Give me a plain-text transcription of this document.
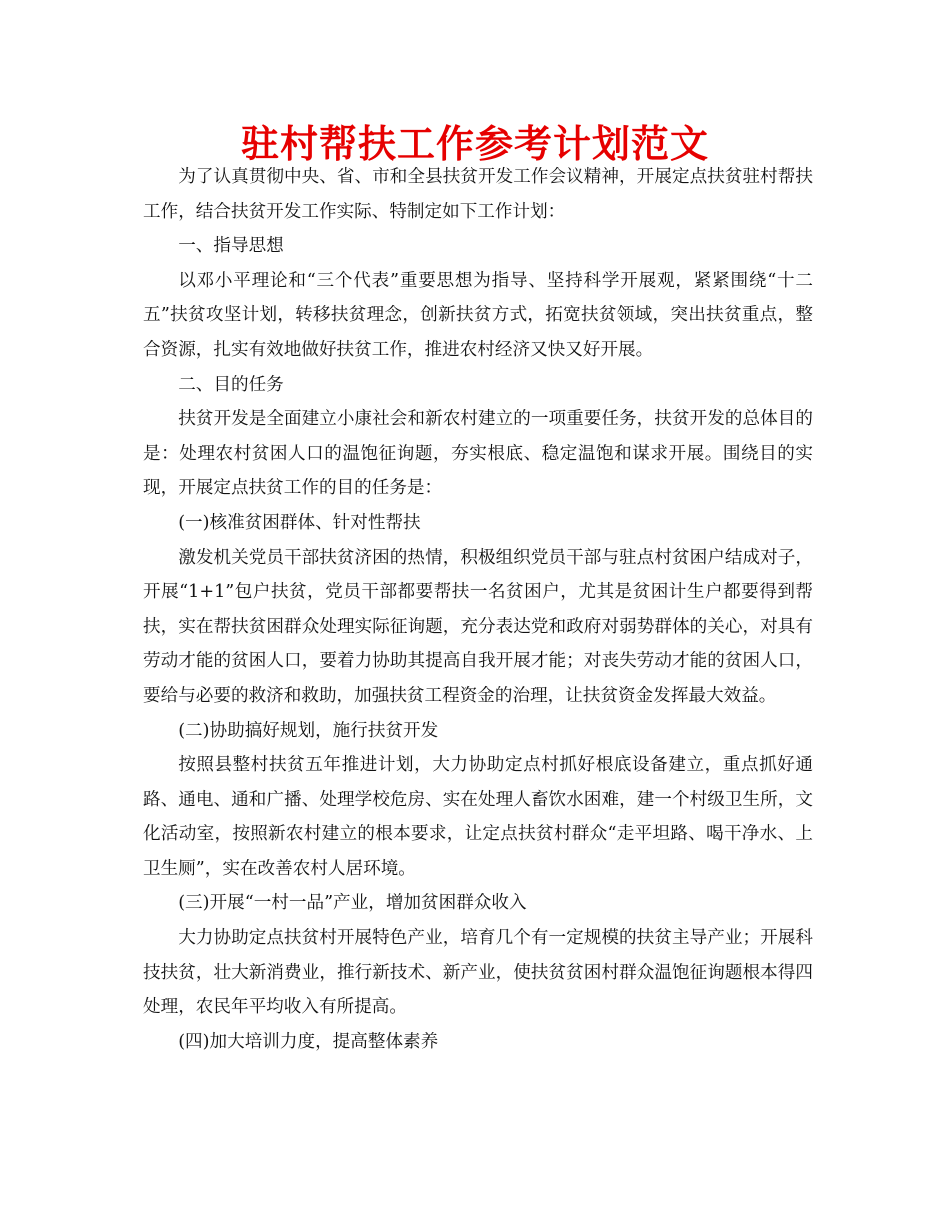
驻村帮扶工作参考计划范文

为了认真贯彻中央、省、市和全县扶贫开发工作会议精神，开展定点扶贫驻村帮扶工作，结合扶贫开发工作实际、特制定如下工作计划：

一、指导思想

以邓小平理论和“三个代表”重要思想为指导、坚持科学开展观，紧紧围绕“十二五”扶贫攻坚计划，转移扶贫理念，创新扶贫方式，拓宽扶贫领域，突出扶贫重点，整合资源，扎实有效地做好扶贫工作，推进农村经济又快又好开展。

二、目的任务

扶贫开发是全面建立小康社会和新农村建立的一项重要任务，扶贫开发的总体目的是：处理农村贫困人口的温饱征询题，夯实根底、稳定温饱和谋求开展。围绕目的实现，开展定点扶贫工作的目的任务是：

(一)核准贫困群体、针对性帮扶

激发机关党员干部扶贫济困的热情，积极组织党员干部与驻点村贫困户结成对子，开展“1+1”包户扶贫，党员干部都要帮扶一名贫困户，尤其是贫困计生户都要得到帮扶，实在帮扶贫困群众处理实际征询题，充分表达党和政府对弱势群体的关心，对具有劳动才能的贫困人口，要着力协助其提高自我开展才能；对丧失劳动才能的贫困人口，要给与必要的救济和救助，加强扶贫工程资金的治理，让扶贫资金发挥最大效益。

(二)协助搞好规划，施行扶贫开发

按照县整村扶贫五年推进计划，大力协助定点村抓好根底设备建立，重点抓好通路、通电、通和广播、处理学校危房、实在处理人畜饮水困难，建一个村级卫生所，文化活动室，按照新农村建立的根本要求，让定点扶贫村群众“走平坦路、喝干净水、上卫生厕”，实在改善农村人居环境。

(三)开展“一村一品”产业，增加贫困群众收入

大力协助定点扶贫村开展特色产业，培育几个有一定规模的扶贫主导产业；开展科技扶贫，壮大新消费业，推行新技术、新产业，使扶贫贫困村群众温饱征询题根本得四处理，农民年平均收入有所提高。

(四)加大培训力度，提高整体素养
